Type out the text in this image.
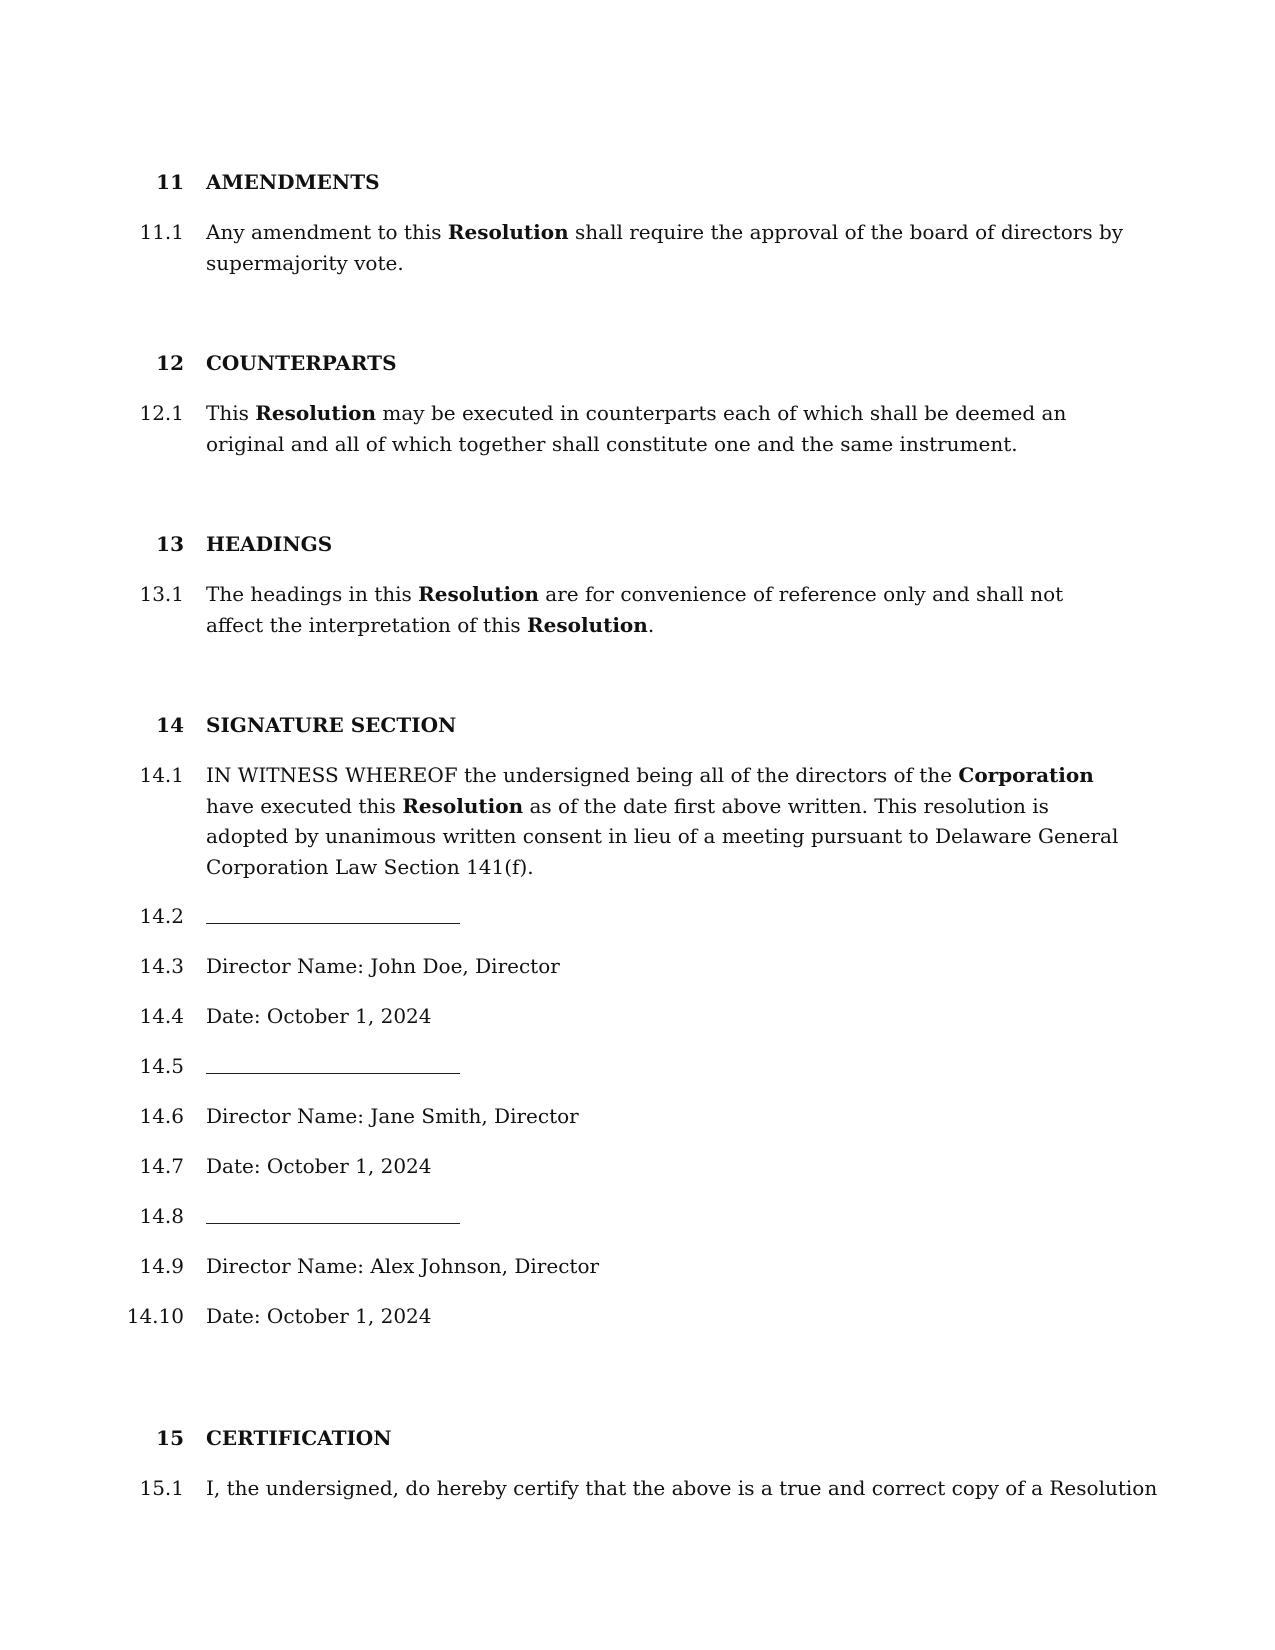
11 AMENDMENTS
11.1 Any amendment to this Resolution shall require the approval of the board of directors by supermajority vote.
12 COUNTERPARTS
12.1 This Resolution may be executed in counterparts each of which shall be deemed an original and all of which together shall constitute one and the same instrument.
13 HEADINGS
13.1 The headings in this Resolution are for convenience of reference only and shall not affect the interpretation of this Resolution.
14 SIGNATURE SECTION
14.1 IN WITNESS WHEREOF the undersigned being all of the directors of the Corporation have executed this Resolution as of the date first above written. This resolution is adopted by unanimous written consent in lieu of a meeting pursuant to Delaware General Corporation Law Section 141(f).
14.2
14.3 Director Name: John Doe, Director
14.4 Date: October 1, 2024
14.5
14.6 Director Name: Jane Smith, Director
14.7 Date: October 1, 2024
14.8
14.9 Director Name: Alex Johnson, Director
14.10 Date: October 1, 2024
15 CERTIFICATION
15.1 I, the undersigned, do hereby certify that the above is a true and correct copy of a Resolution
